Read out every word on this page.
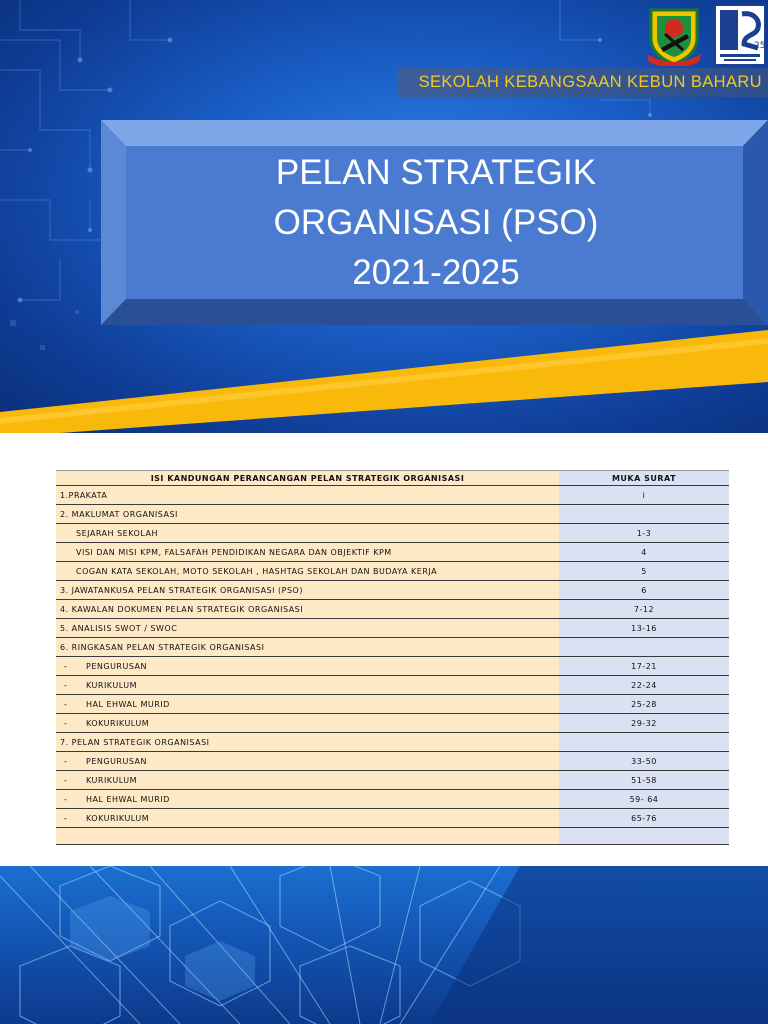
25
SEKOLAH KEBANGSAAN KEBUN BAHARU
PELAN STRATEGIK
ORGANISASI (PSO)
2021-2025
ISI KANDUNGAN PERANCANGAN PELAN STRATEGIK ORGANISASI	MUKA SURAT
1.PRAKATA	i
2. MAKLUMAT ORGANISASI	
SEJARAH SEKOLAH	1-3
VISI DAN MISI KPM, FALSAFAH PENDIDIKAN NEGARA DAN OBJEKTIF KPM	4
COGAN KATA SEKOLAH, MOTO SEKOLAH , HASHTAG SEKOLAH DAN BUDAYA KERJA	5
3. JAWATANKUSA PELAN STRATEGIK ORGANISASI (PSO)	6
4. KAWALAN DOKUMEN PELAN STRATEGIK ORGANISASI	7-12
5. ANALISIS SWOT / SWOC	13-16
6. RINGKASAN PELAN STRATEGIK ORGANISASI	
- PENGURUSAN	17-21
- KURIKULUM	22-24
- HAL EHWAL MURID	25-28
- KOKURIKULUM	29-32
7. PELAN STRATEGIK ORGANISASI	
- PENGURUSAN	33-50
- KURIKULUM	51-58
- HAL EHWAL MURID	59- 64
- KOKURIKULUM	65-76
